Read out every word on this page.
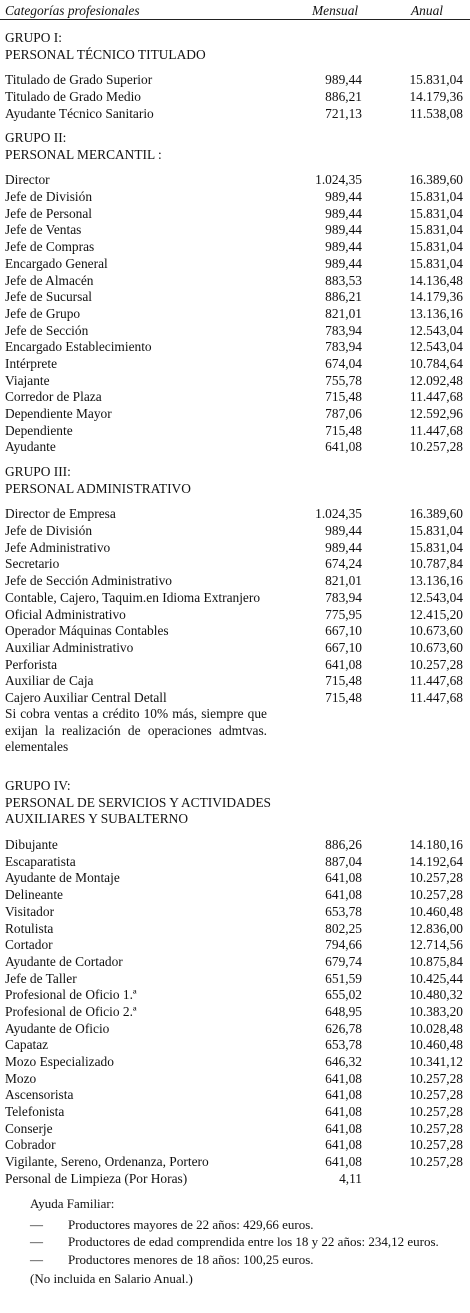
Categorías profesionales	Mensual	Anual
GRUPO I:
PERSONAL TÉCNICO TITULADO
Titulado de Grado Superior	989,44	15.831,04
Titulado de Grado Medio	886,21	14.179,36
Ayudante Técnico Sanitario	721,13	11.538,08
GRUPO II:
PERSONAL MERCANTIL :
Director	1.024,35	16.389,60
Jefe de División	989,44	15.831,04
Jefe de Personal	989,44	15.831,04
Jefe de Ventas	989,44	15.831,04
Jefe de Compras	989,44	15.831,04
Encargado General	989,44	15.831,04
Jefe de Almacén	883,53	14.136,48
Jefe de Sucursal	886,21	14.179,36
Jefe de Grupo	821,01	13.136,16
Jefe de Sección	783,94	12.543,04
Encargado Establecimiento	783,94	12.543,04
Intérprete	674,04	10.784,64
Viajante	755,78	12.092,48
Corredor de Plaza	715,48	11.447,68
Dependiente Mayor	787,06	12.592,96
Dependiente	715,48	11.447,68
Ayudante	641,08	10.257,28
GRUPO III:
PERSONAL ADMINISTRATIVO
Director de Empresa	1.024,35	16.389,60
Jefe de División	989,44	15.831,04
Jefe Administrativo	989,44	15.831,04
Secretario	674,24	10.787,84
Jefe de Sección Administrativo	821,01	13.136,16
Contable, Cajero, Taquim.en Idioma Extranjero	783,94	12.543,04
Oficial Administrativo	775,95	12.415,20
Operador Máquinas Contables	667,10	10.673,60
Auxiliar Administrativo	667,10	10.673,60
Perforista	641,08	10.257,28
Auxiliar de Caja	715,48	11.447,68
Cajero Auxiliar Central Detall	715,48	11.447,68
Si cobra ventas a crédito 10% más, siempre que exijan la realización de operaciones admtvas. elementales
GRUPO IV:
PERSONAL DE SERVICIOS Y ACTIVIDADES
AUXILIARES Y SUBALTERNO
Dibujante	886,26	14.180,16
Escaparatista	887,04	14.192,64
Ayudante de Montaje	641,08	10.257,28
Delineante	641,08	10.257,28
Visitador	653,78	10.460,48
Rotulista	802,25	12.836,00
Cortador	794,66	12.714,56
Ayudante de Cortador	679,74	10.875,84
Jefe de Taller	651,59	10.425,44
Profesional de Oficio 1.ª	655,02	10.480,32
Profesional de Oficio 2.ª	648,95	10.383,20
Ayudante de Oficio	626,78	10.028,48
Capataz	653,78	10.460,48
Mozo Especializado	646,32	10.341,12
Mozo	641,08	10.257,28
Ascensorista	641,08	10.257,28
Telefonista	641,08	10.257,28
Conserje	641,08	10.257,28
Cobrador	641,08	10.257,28
Vigilante, Sereno, Ordenanza, Portero	641,08	10.257,28
Personal de Limpieza (Por Horas)	4,11
Ayuda Familiar:
— Productores mayores de 22 años: 429,66 euros.
— Productores de edad comprendida entre los 18 y 22 años: 234,12 euros.
— Productores menores de 18 años: 100,25 euros.
(No incluida en Salario Anual.)
